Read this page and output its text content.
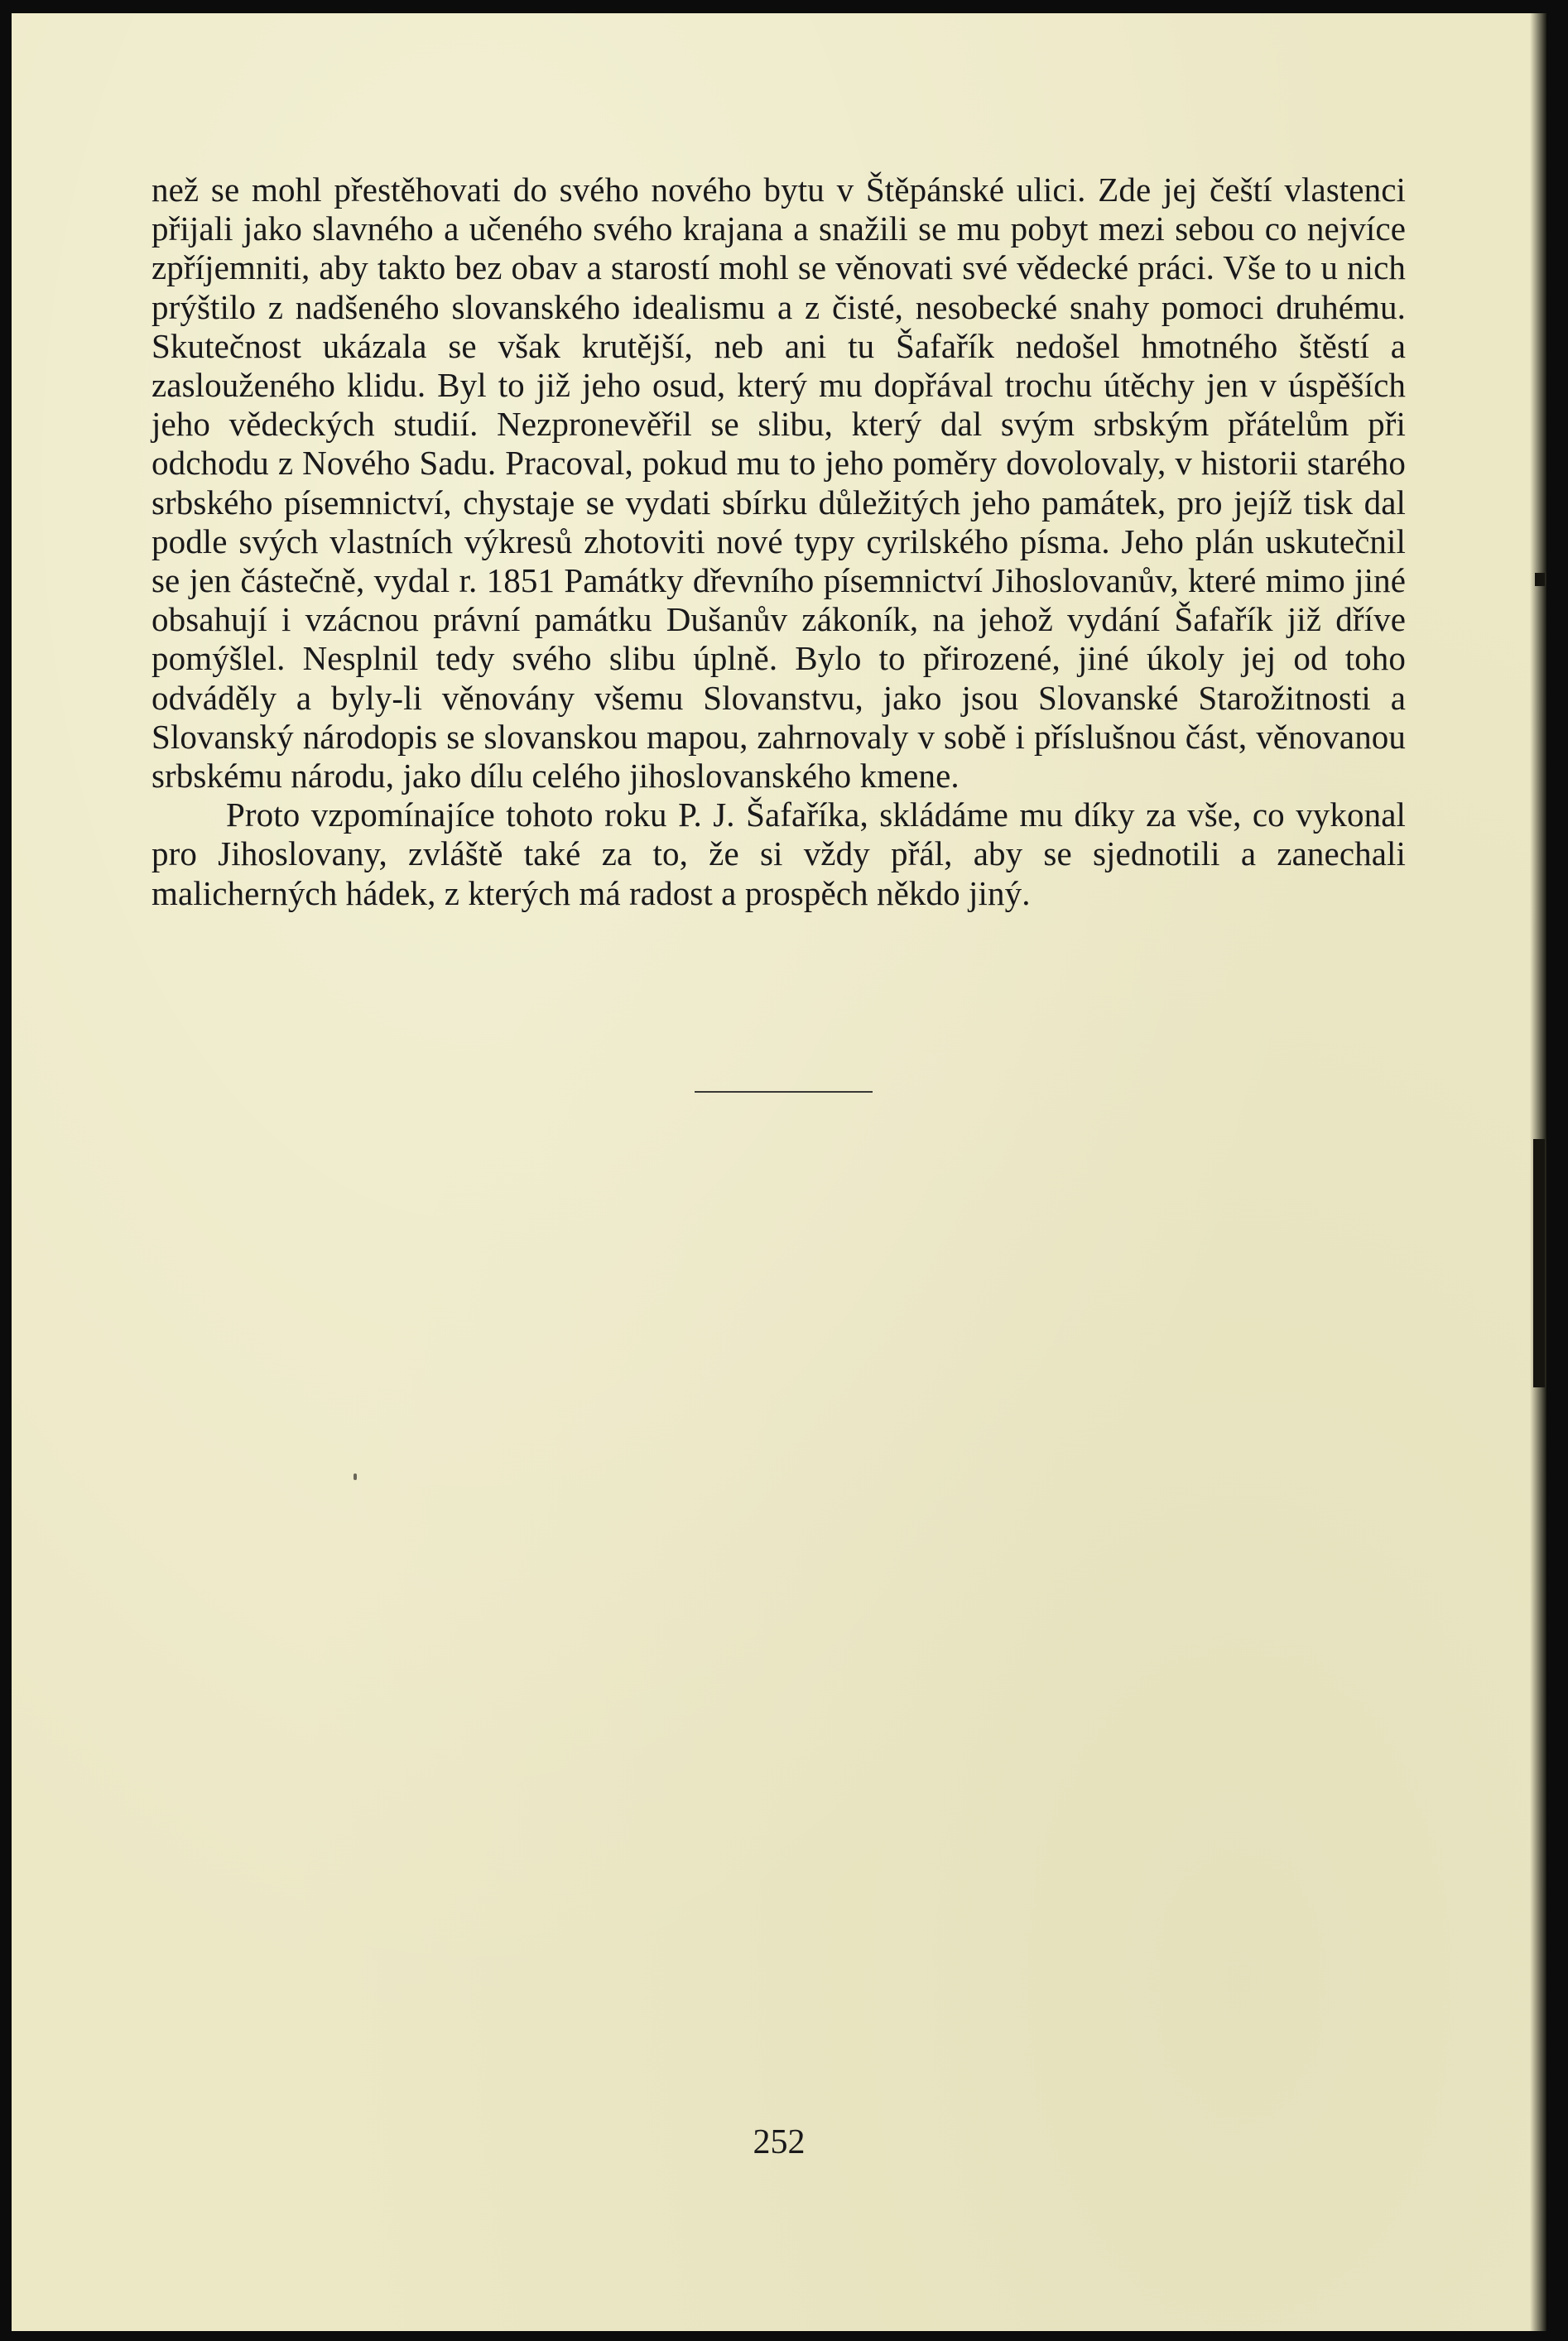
než se mohl přestěhovati do svého nového bytu v Štěpánské ulici. Zde jej čeští vlastenci přijali jako slavného a učeného svého krajana a snažili se mu pobyt mezi sebou co nejvíce zpříjemniti, aby takto bez obav a starostí mohl se věnovati své vědecké práci. Vše to u nich prýštilo z nadšeného slovanského idealismu a z čisté, nesobecké snahy pomoci druhému. Skutečnost ukázala se však krutější, neb ani tu Šafařík nedošel hmotného štěstí a zaslouženého klidu. Byl to již jeho osud, který mu dopřával trochu útěchy jen v úspěších jeho vědeckých studií. Nezpronevěřil se slibu, který dal svým srbským přátelům při odchodu z Nového Sadu. Pracoval, pokud mu to jeho poměry dovolovaly, v historii starého srbského písemnictví, chystaje se vydati sbírku důležitých jeho památek, pro jejíž tisk dal podle svých vlastních výkresů zhotoviti nové typy cyrilského písma. Jeho plán uskutečnil se jen částečně, vydal r. 1851 Památky dřevního písemnictví Jihoslovanův, které mimo jiné obsahují i vzácnou právní památku Dušanův zákoník, na jehož vydání Šafařík již dříve pomýšlel. Nesplnil tedy svého slibu úplně. Bylo to přirozené, jiné úkoly jej od toho odváděly a byly-li věnovány všemu Slovanstvu, jako jsou Slovanské Starožitnosti a Slovanský národopis se slovanskou mapou, zahrnovaly v sobě i příslušnou část, věnovanou srbskému národu, jako dílu celého jihoslovanského kmene.

Proto vzpomínajíce tohoto roku P. J. Šafaříka, skládáme mu díky za vše, co vykonal pro Jihoslovany, zvláště také za to, že si vždy přál, aby se sjednotili a zanechali malicherných hádek, z kterých má radost a prospěch někdo jiný.

252
